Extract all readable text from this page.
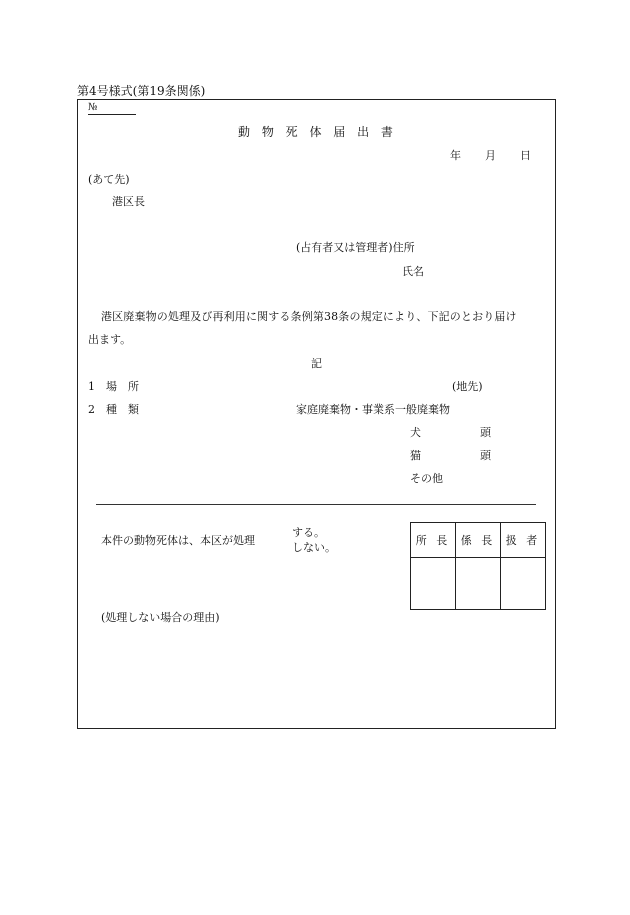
第4号様式(第19条関係)
№
動 物 死 体 届 出 書
年 月 日
(あて先)
港区長
(占有者又は管理者)住所
氏名
港区廃棄物の処理及び再利用に関する条例第38条の規定により、下記のとおり届け
出ます。
記
1　場　所	(地先)
2　種　類	家庭廃棄物・事業系一般廃棄物
犬	頭
猫	頭
その他
本件の動物死体は、本区が処理
する。
しない。
所 長	係 長	扱 者

(処理しない場合の理由)
